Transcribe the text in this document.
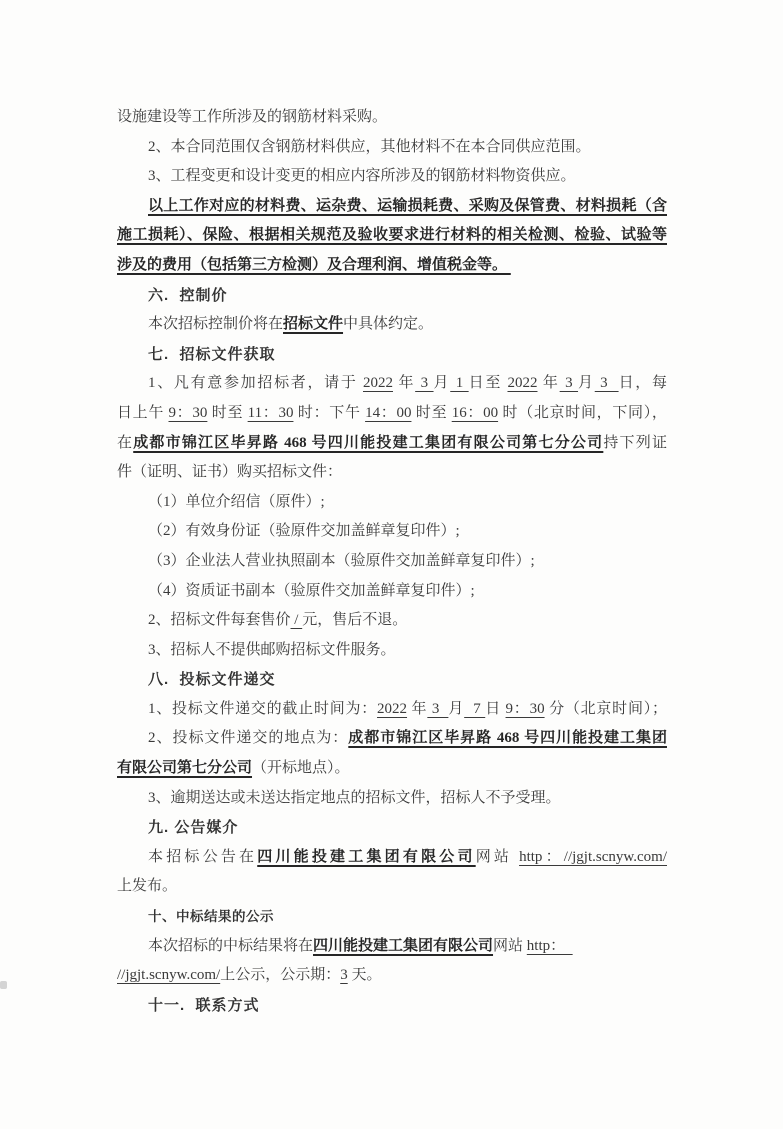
设施建设等工作所涉及的钢筋材料采购。
2、本合同范围仅含钢筋材料供应，其他材料不在本合同供应范围。
3、工程变更和设计变更的相应内容所涉及的钢筋材料物资供应。
以上工作对应的材料费、运杂费、运输损耗费、采购及保管费、材料损耗（含
施工损耗）、保险、根据相关规范及验收要求进行材料的相关检测、检验、试验等
涉及的费用（包括第三方检测）及合理利润、增值税金等。
六.  控制价
本次招标控制价将在招标文件中具体约定。
七.  招标文件获取
1、凡有意参加招标者，请于 2022 年 3 月 1 日至 2022 年 3 月 3  日，每
日上午 9：30 时至 11：30 时：下午 14：00 时至 16：00 时（北京时间，下同），
在成都市锦江区毕昇路 468 号四川能投建工集团有限公司第七分公司持下列证
件（证明、证书）购买招标文件：
（1）单位介绍信（原件）;
（2）有效身份证（验原件交加盖鲜章复印件）;
（3）企业法人营业执照副本（验原件交加盖鲜章复印件）;
（4）资质证书副本（验原件交加盖鲜章复印件）;
2、招标文件每套售价 / 元，售后不退。
3、招标人不提供邮购招标文件服务。
八.  投标文件递交
1、投标文件递交的截止时间为：2022 年 3  月  7 日 9：30 分（北京时间）；
2、投标文件递交的地点为：成都市锦江区毕昇路 468 号四川能投建工集团
有限公司第七分公司（开标地点）。
3、逾期送达或未送达指定地点的招标文件，招标人不予受理。
九. 公告媒介
本招标公告在四川能投建工集团有限公司网站 http：//jgjt.scnyw.com/
上发布。
十、中标结果的公示
本次招标的中标结果将在四川能投建工集团有限公司网站 http：
//jgjt.scnyw.com/上公示，公示期：3 天。
十一.  联系方式
